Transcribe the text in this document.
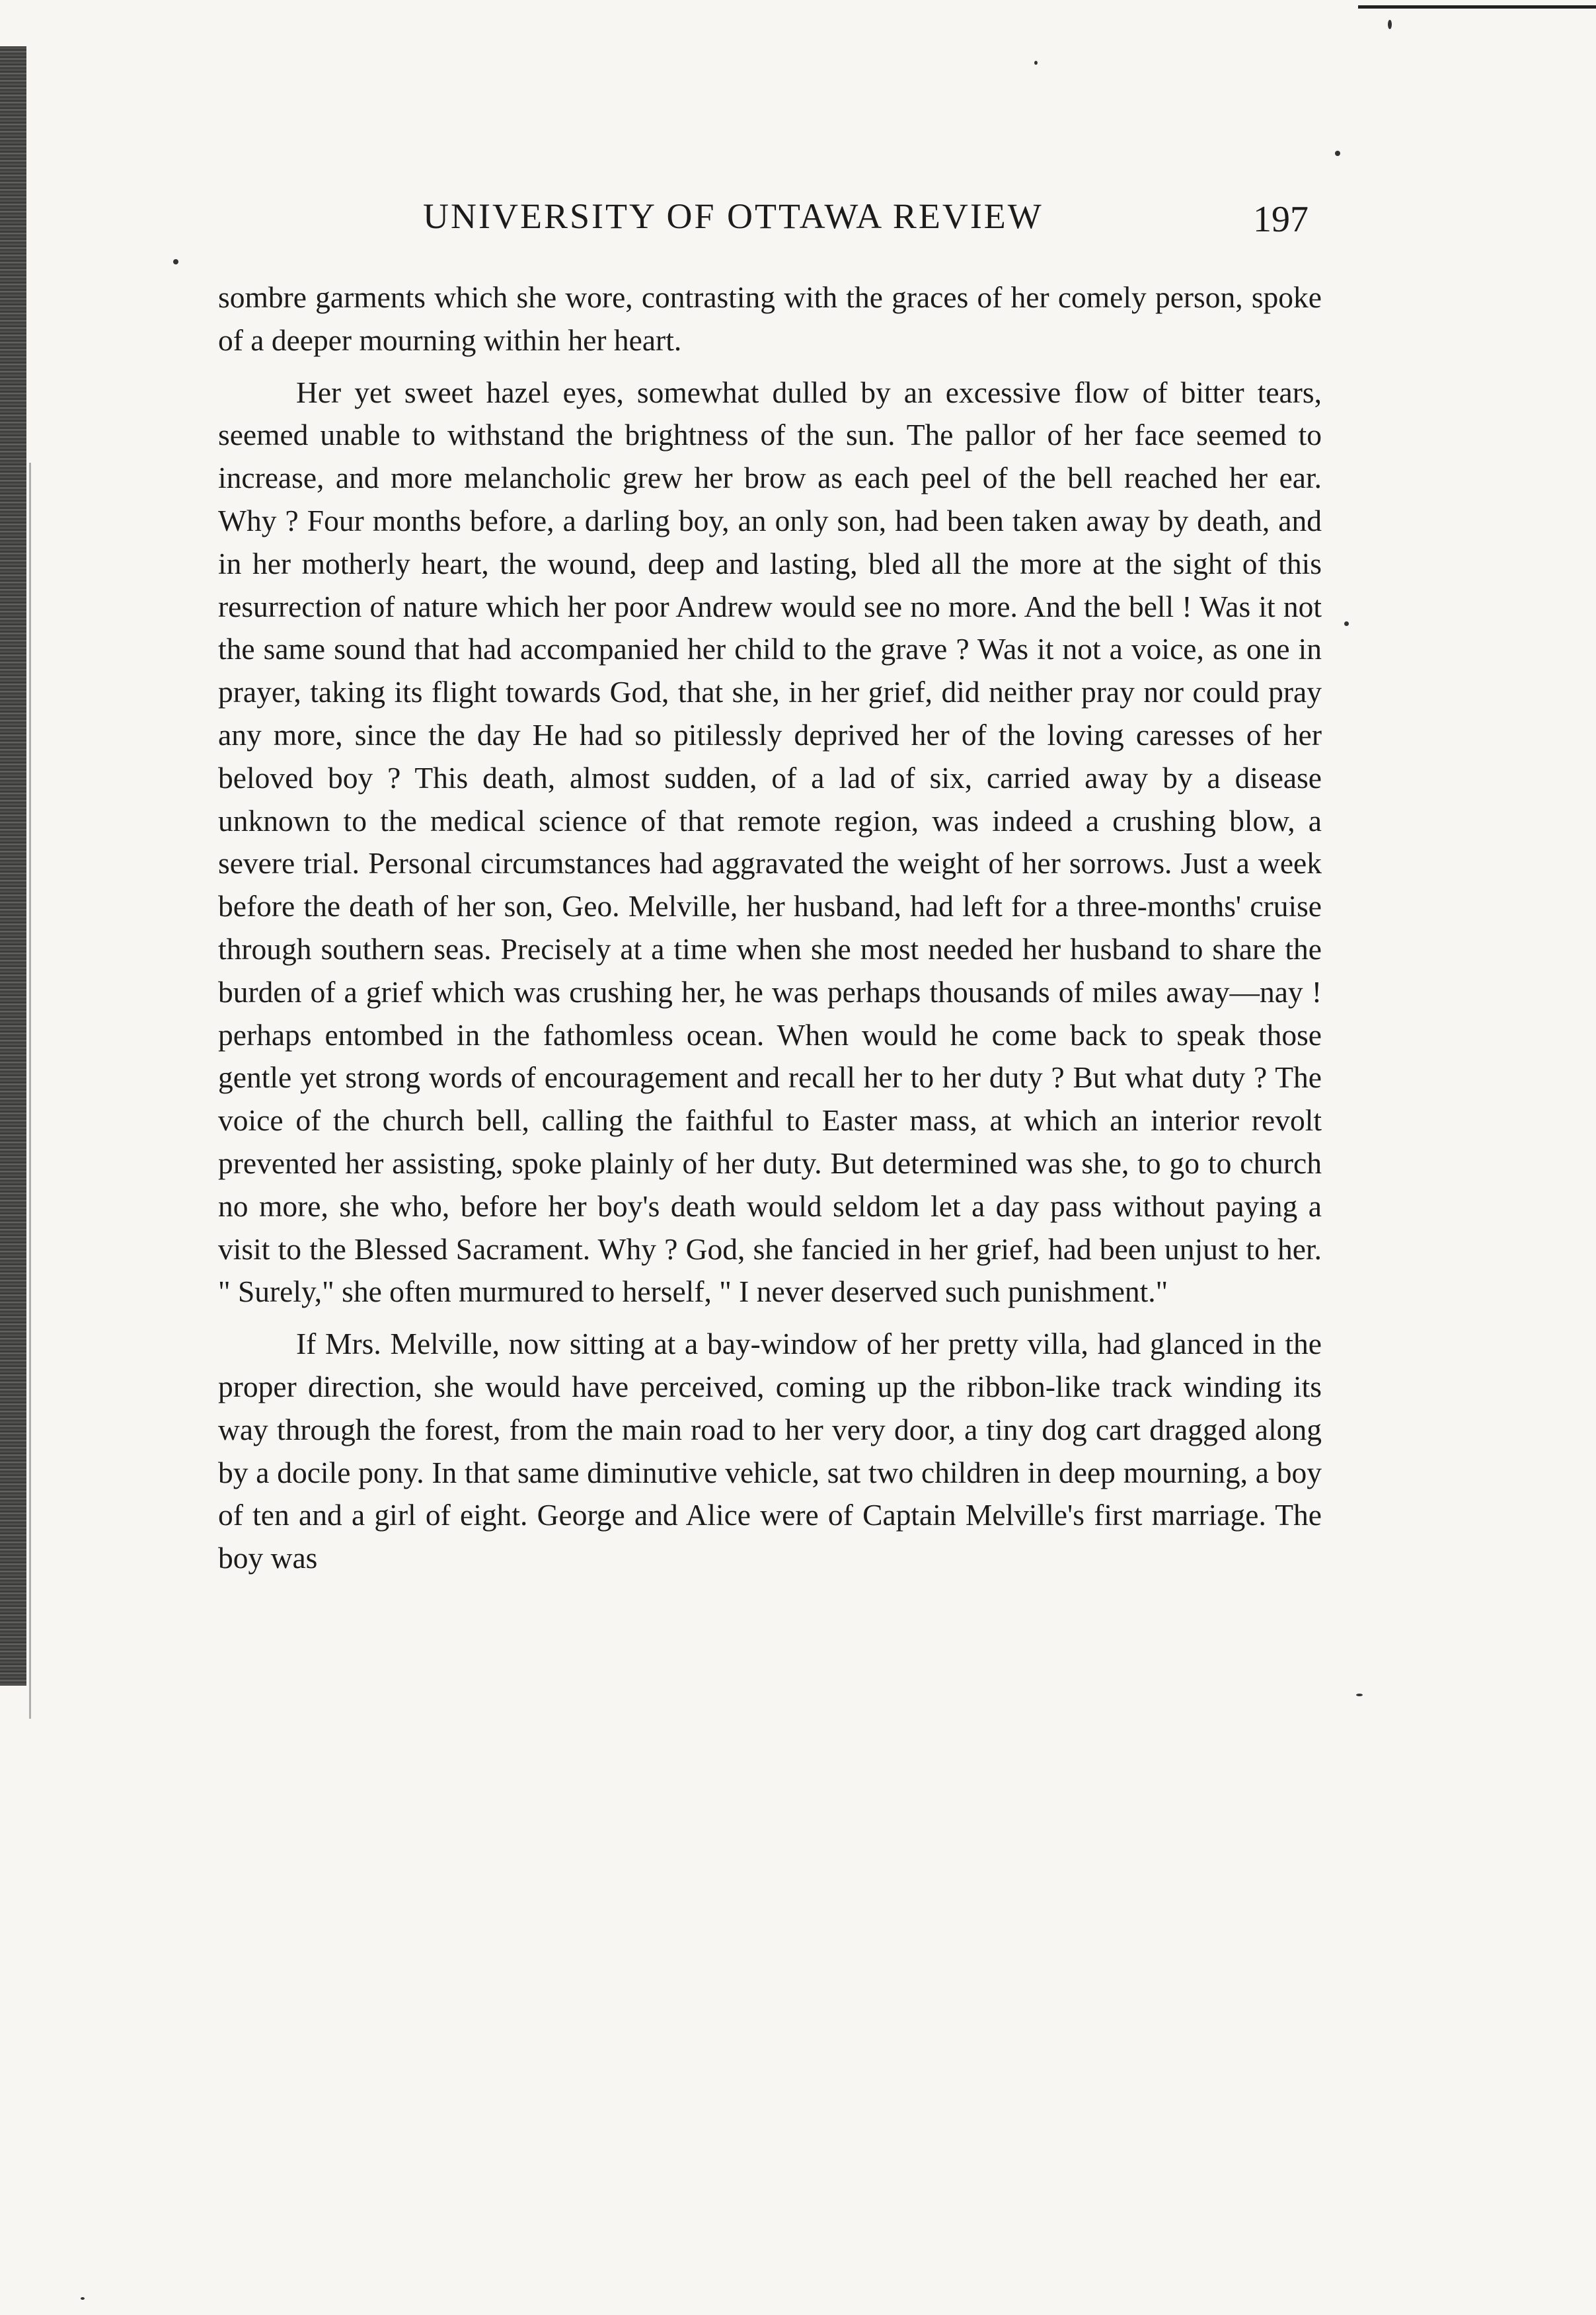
UNIVERSITY OF OTTAWA REVIEW	197

sombre garments which she wore, contrasting with the graces of her comely person, spoke of a deeper mourning within her heart.

Her yet sweet hazel eyes, somewhat dulled by an excessive flow of bitter tears, seemed unable to withstand the brightness of the sun. The pallor of her face seemed to increase, and more melancholic grew her brow as each peel of the bell reached her ear. Why ? Four months before, a darling boy, an only son, had been taken away by death, and in her motherly heart, the wound, deep and lasting, bled all the more at the sight of this resurrection of nature which her poor Andrew would see no more. And the bell ! Was it not the same sound that had accompanied her child to the grave ? Was it not a voice, as one in prayer, taking its flight towards God, that she, in her grief, did neither pray nor could pray any more, since the day He had so pitilessly deprived her of the loving caresses of her beloved boy ? This death, almost sudden, of a lad of six, carried away by a disease unknown to the medical science of that remote region, was indeed a crushing blow, a severe trial. Personal circumstances had aggravated the weight of her sorrows. Just a week before the death of her son, Geo. Melville, her husband, had left for a three-months' cruise through southern seas. Precisely at a time when she most needed her husband to share the burden of a grief which was crushing her, he was perhaps thousands of miles away—nay ! perhaps entombed in the fathomless ocean. When would he come back to speak those gentle yet strong words of encouragement and recall her to her duty ? But what duty ? The voice of the church bell, calling the faithful to Easter mass, at which an interior revolt prevented her assisting, spoke plainly of her duty. But determined was she, to go to church no more, she who, before her boy's death would seldom let a day pass without paying a visit to the Blessed Sacrament. Why ? God, she fancied in her grief, had been unjust to her. " Surely," she often murmured to herself, " I never deserved such punishment."

If Mrs. Melville, now sitting at a bay-window of her pretty villa, had glanced in the proper direction, she would have perceived, coming up the ribbon-like track winding its way through the forest, from the main road to her very door, a tiny dog cart dragged along by a docile pony. In that same diminutive vehicle, sat two children in deep mourning, a boy of ten and a girl of eight. George and Alice were of Captain Melville's first marriage. The boy was
